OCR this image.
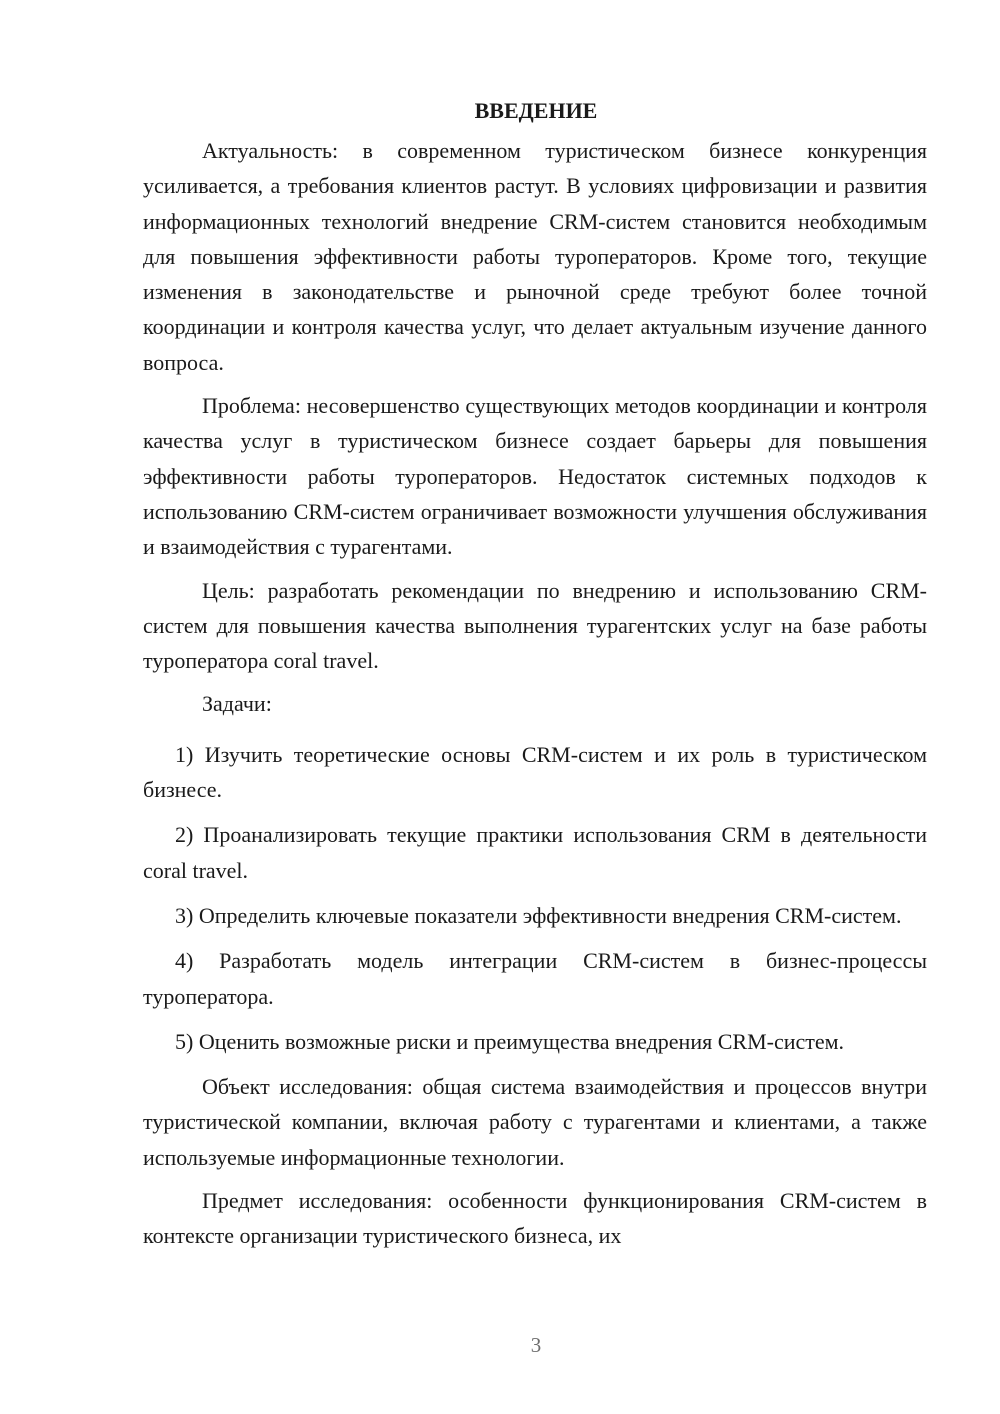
ВВЕДЕНИЕ

Актуальность: в современном туристическом бизнесе конкуренция усиливается, а требования клиентов растут. В условиях цифровизации и развития информационных технологий внедрение CRM-систем становится необходимым для повышения эффективности работы туроператоров. Кроме того, текущие изменения в законодательстве и рыночной среде требуют более точной координации и контроля качества услуг, что делает актуальным изучение данного вопроса.

Проблема: несовершенство существующих методов координации и контроля качества услуг в туристическом бизнесе создает барьеры для повышения эффективности работы туроператоров. Недостаток системных подходов к использованию CRM-систем ограничивает возможности улучшения обслуживания и взаимодействия с турагентами.

Цель: разработать рекомендации по внедрению и использованию CRM-систем для повышения качества выполнения турагентских услуг на базе работы туроператора coral travel.

Задачи:

1) Изучить теоретические основы CRM-систем и их роль в туристическом бизнесе.

2) Проанализировать текущие практики использования CRM в деятельности coral travel.

3) Определить ключевые показатели эффективности внедрения CRM-систем.

4) Разработать модель интеграции CRM-систем в бизнес-процессы туроператора.

5) Оценить возможные риски и преимущества внедрения CRM-систем.

Объект исследования: общая система взаимодействия и процессов внутри туристической компании, включая работу с турагентами и клиентами, а также используемые информационные технологии.

Предмет исследования: особенности функционирования CRM-систем в контексте организации туристического бизнеса, их

3
